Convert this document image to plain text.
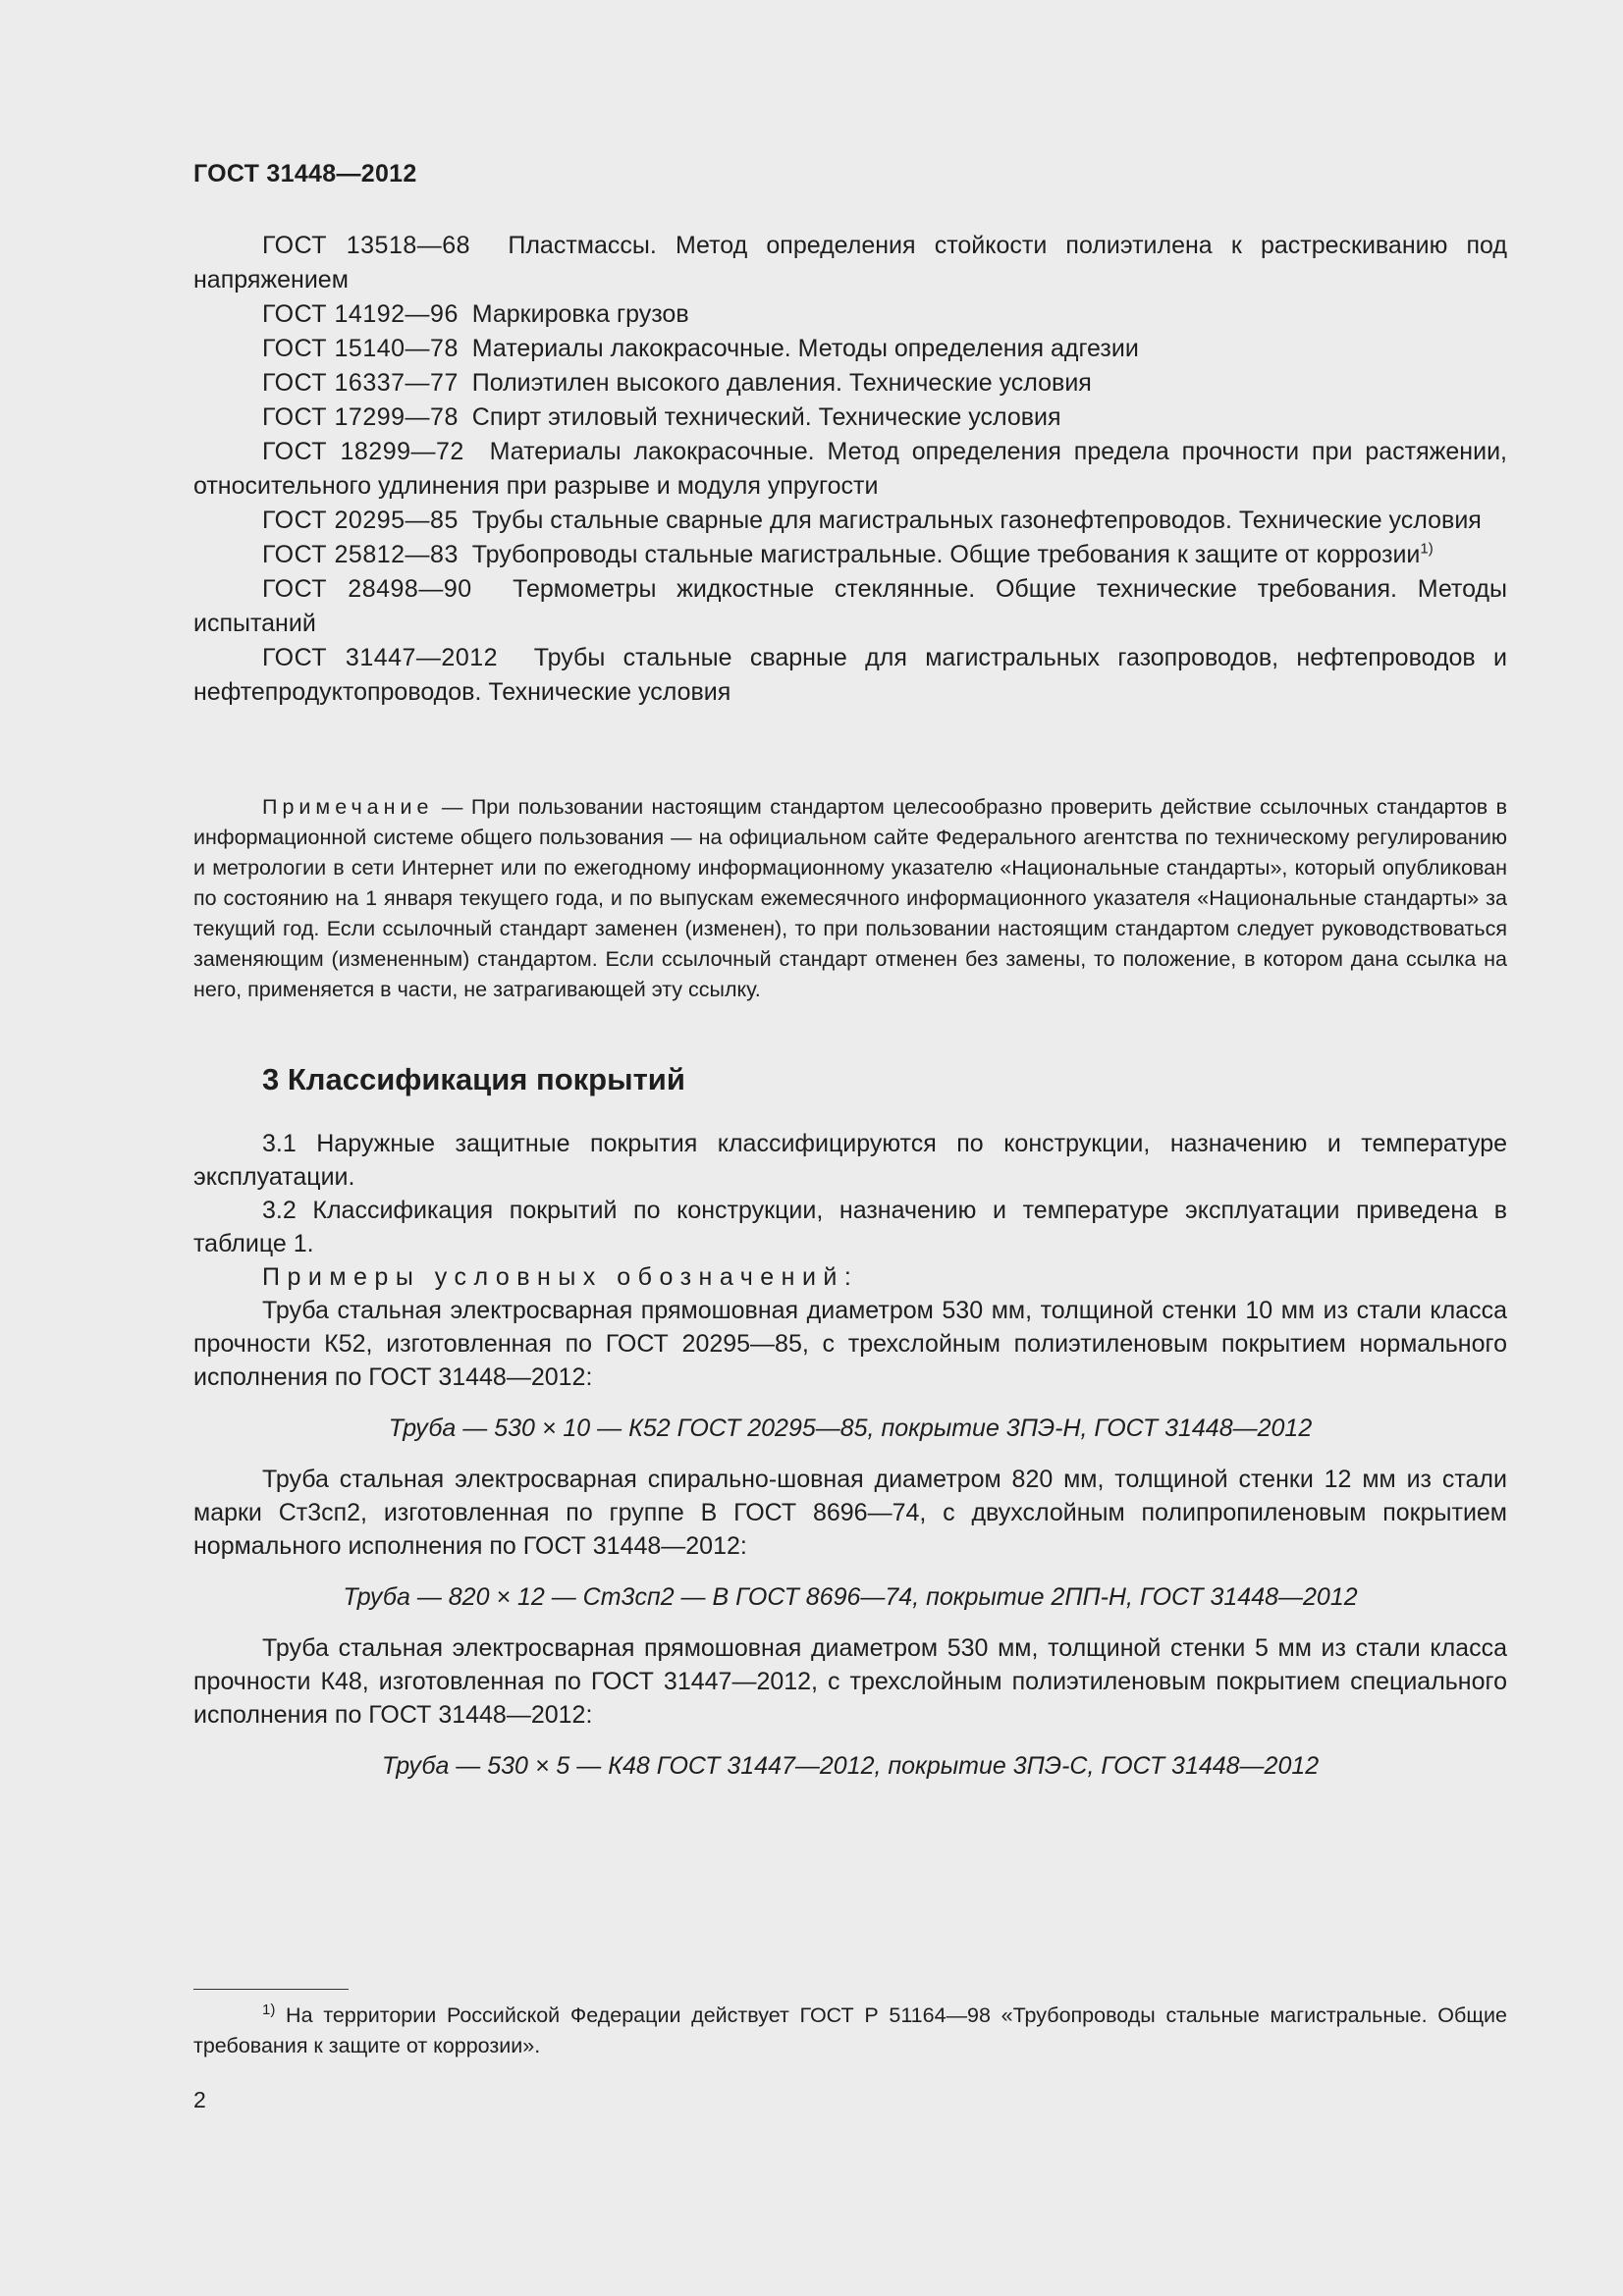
ГОСТ 31448—2012

ГОСТ 13518—68 Пластмассы. Метод определения стойкости полиэтилена к растрескиванию под напряжением

ГОСТ 14192—96 Маркировка грузов

ГОСТ 15140—78 Материалы лакокрасочные. Методы определения адгезии

ГОСТ 16337—77 Полиэтилен высокого давления. Технические условия

ГОСТ 17299—78 Спирт этиловый технический. Технические условия

ГОСТ 18299—72 Материалы лакокрасочные. Метод определения предела прочности при растяжении, относительного удлинения при разрыве и модуля упругости

ГОСТ 20295—85 Трубы стальные сварные для магистральных газонефтепроводов. Технические условия

ГОСТ 25812—83 Трубопроводы стальные магистральные. Общие требования к защите от коррозии$^{1)}$

ГОСТ 28498—90 Термометры жидкостные стеклянные. Общие технические требования. Методы испытаний

ГОСТ 31447—2012 Трубы стальные сварные для магистральных газопроводов, нефтепроводов и нефтепродуктопроводов. Технические условия

Примечание — При пользовании настоящим стандартом целесообразно проверить действие ссылочных стандартов в информационной системе общего пользования — на официальном сайте Федерального агентства по техническому регулированию и метрологии в сети Интернет или по ежегодному информационному указателю «Национальные стандарты», который опубликован по состоянию на 1 января текущего года, и по выпускам ежемесячного информационного указателя «Национальные стандарты» за текущий год. Если ссылочный стандарт заменен (изменен), то при пользовании настоящим стандартом следует руководствоваться заменяющим (измененным) стандартом. Если ссылочный стандарт отменен без замены, то положение, в котором дана ссылка на него, применяется в части, не затрагивающей эту ссылку.

3 Классификация покрытий

3.1 Наружные защитные покрытия классифицируются по конструкции, назначению и температуре эксплуатации.

3.2 Классификация покрытий по конструкции, назначению и температуре эксплуатации приведена в таблице 1.

Примеры условных обозначений:

Труба стальная электросварная прямошовная диаметром 530 мм, толщиной стенки 10 мм из стали класса прочности К52, изготовленная по ГОСТ 20295—85, с трехслойным полиэтиленовым покрытием нормального исполнения по ГОСТ 31448—2012:

Труба — 530 × 10 — К52 ГОСТ 20295—85, покрытие 3ПЭ-Н, ГОСТ 31448—2012

Труба стальная электросварная спирально-шовная диаметром 820 мм, толщиной стенки 12 мм из стали марки Ст3сп2, изготовленная по группе В ГОСТ 8696—74, с двухслойным полипропиленовым покрытием нормального исполнения по ГОСТ 31448—2012:

Труба — 820 × 12 — Ст3сп2 — В ГОСТ 8696—74, покрытие 2ПП-Н, ГОСТ 31448—2012

Труба стальная электросварная прямошовная диаметром 530 мм, толщиной стенки 5 мм из стали класса прочности К48, изготовленная по ГОСТ 31447—2012, с трехслойным полиэтиленовым покрытием специального исполнения по ГОСТ 31448—2012:

Труба — 530 × 5 — К48 ГОСТ 31447—2012, покрытие 3ПЭ-С, ГОСТ 31448—2012

$^{1)}$ На территории Российской Федерации действует ГОСТ Р 51164—98 «Трубопроводы стальные магистральные. Общие требования к защите от коррозии».

2
